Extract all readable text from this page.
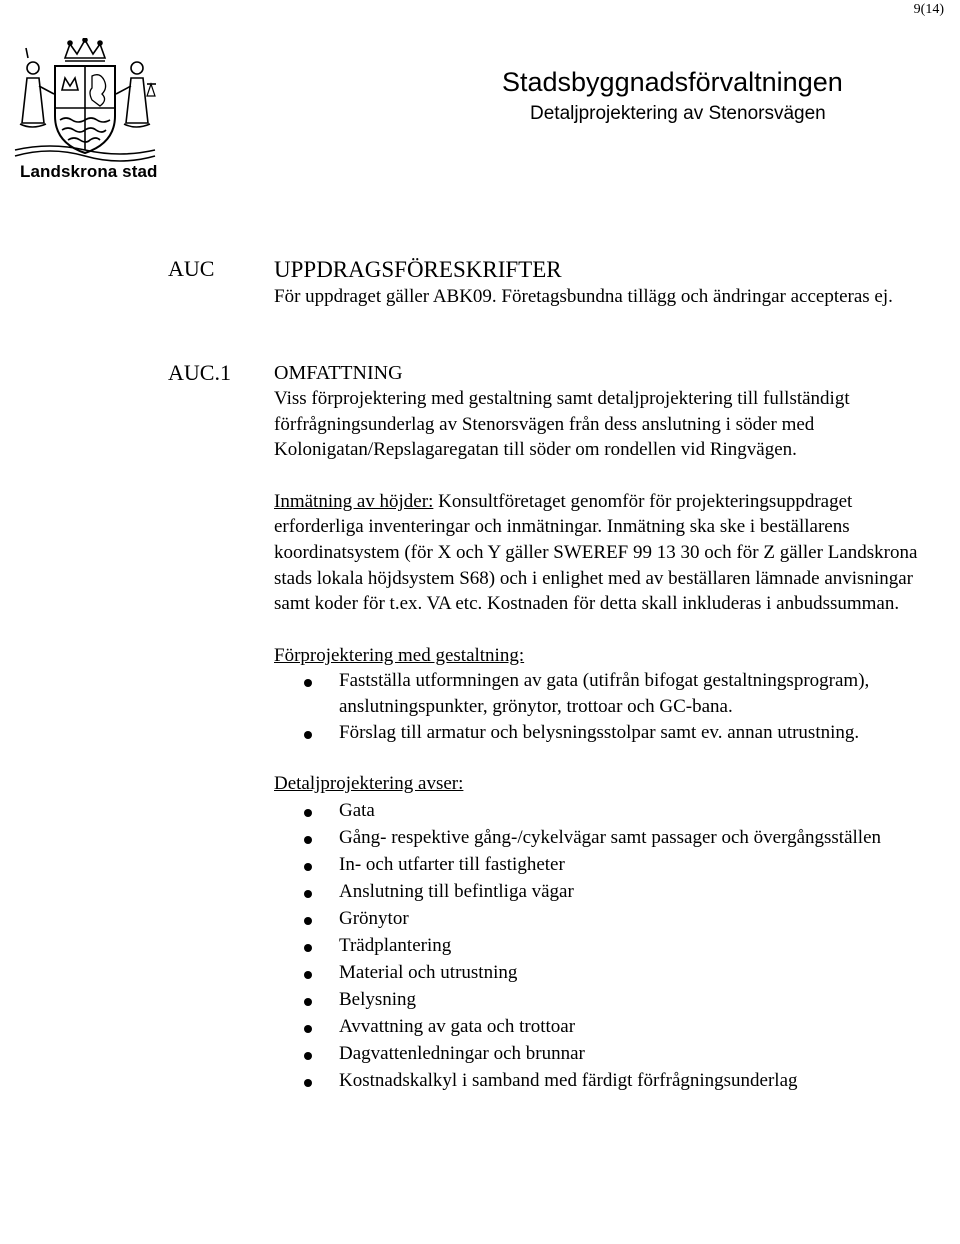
9(14)
Landskrona stad
Stadsbyggnadsförvaltningen
Detaljprojektering av Stenorsvägen
AUC	UPPDRAGSFÖRESKRIFTER

För uppdraget gäller ABK09. Företagsbundna tillägg och ändringar accepteras ej.

AUC.1 OMFATTNING

Viss förprojektering med gestaltning samt detaljprojektering till fullständigt förfrågningsunderlag av Stenorsvägen från dess anslutning i söder med Kolonigatan/Repslagaregatan till söder om rondellen vid Ringvägen.

Inmätning av höjder: Konsultföretaget genomför för projekteringsuppdraget erforderliga inventeringar och inmätningar. Inmätning ska ske i beställarens koordinatsystem (för X och Y gäller SWEREF 99 13 30 och för Z gäller Landskrona stads lokala höjdsystem S68) och i enlighet med av beställaren lämnade anvisningar samt koder för t.ex. VA etc. Kostnaden för detta skall inkluderas i anbudssumman.

Förprojektering med gestaltning:
Fastställa utformningen av gata (utifrån bifogat gestaltningsprogram), anslutningspunkter, grönytor, trottoar och GC-bana.
Förslag till armatur och belysningsstolpar samt ev. annan utrustning.
Detaljprojektering avser:
Gata
Gång- respektive gång-/cykelvägar samt passager och övergångsställen
In- och utfarter till fastigheter
Anslutning till befintliga vägar
Grönytor
Trädplantering
Material och utrustning
Belysning
Avvattning av gata och trottoar
Dagvattenledningar och brunnar
Kostnadskalkyl i samband med färdigt förfrågningsunderlag
